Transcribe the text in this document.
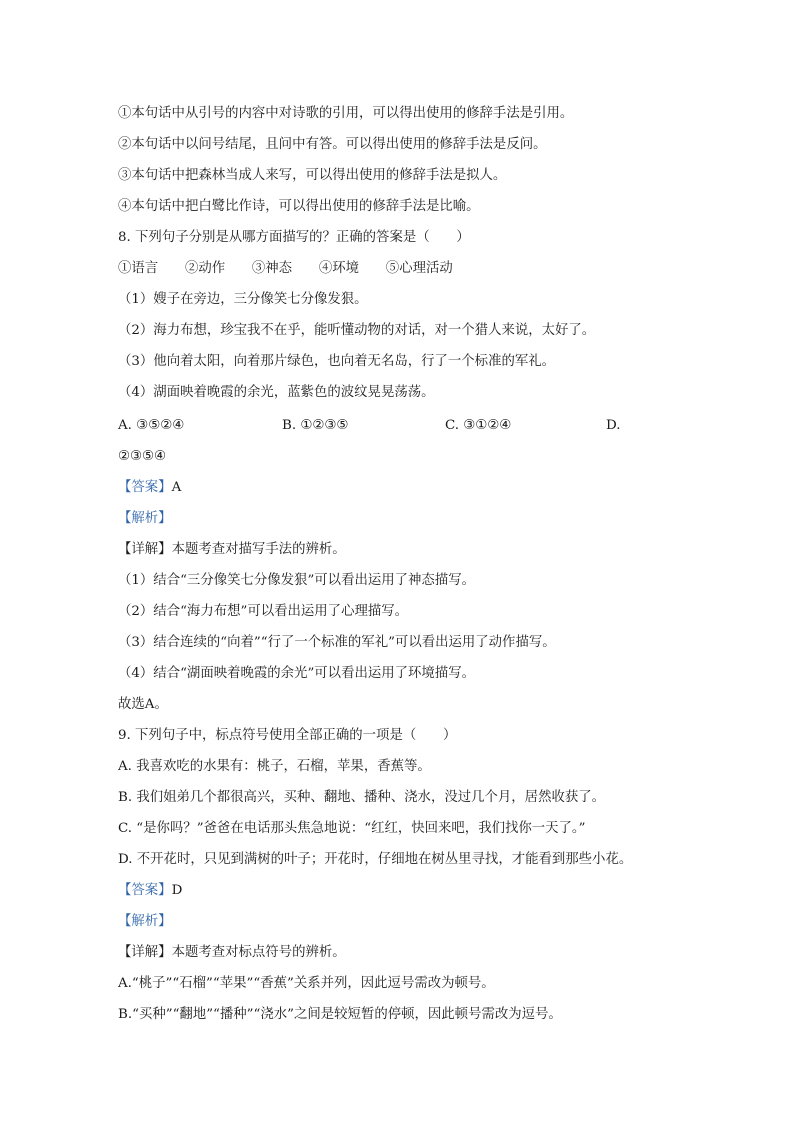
①本句话中从引号的内容中对诗歌的引用，可以得出使用的修辞手法是引用。
②本句话中以问号结尾，且问中有答。可以得出使用的修辞手法是反问。
③本句话中把森林当成人来写，可以得出使用的修辞手法是拟人。
④本句话中把白鹭比作诗，可以得出使用的修辞手法是比喻。
8. 下列句子分别是从哪方面描写的？正确的答案是（　　）
①语言　　②动作　　③神态　　④环境　　⑤心理活动
（1）嫂子在旁边，三分像笑七分像发狠。
（2）海力布想，珍宝我不在乎，能听懂动物的对话，对一个猎人来说，太好了。
（3）他向着太阳，向着那片绿色，也向着无名岛，行了一个标准的军礼。
（4）湖面映着晚霞的余光，蓝紫色的波纹晃晃荡荡。
A. ③⑤②④	B. ①②③⑤	C. ③①②④	D.
②③⑤④
【答案】A
【解析】
【详解】本题考查对描写手法的辨析。
（1）结合“三分像笑七分像发狠”可以看出运用了神态描写。
（2）结合“海力布想”可以看出运用了心理描写。
（3）结合连续的“向着”“行了一个标准的军礼”可以看出运用了动作描写。
（4）结合“湖面映着晚霞的余光”可以看出运用了环境描写。
故选A。
9. 下列句子中，标点符号使用全部正确的一项是（　　）
A. 我喜欢吃的水果有：桃子，石榴，苹果，香蕉等。
B. 我们姐弟几个都很高兴，买种、翻地、播种、浇水，没过几个月，居然收获了。
C. “是你吗？”爸爸在电话那头焦急地说：“红红，快回来吧，我们找你一天了。”
D. 不开花时，只见到满树的叶子；开花时，仔细地在树丛里寻找，才能看到那些小花。
【答案】D
【解析】
【详解】本题考查对标点符号的辨析。
A.“桃子”“石榴”“苹果”“香蕉”关系并列，因此逗号需改为顿号。
B.“买种”“翻地”“播种”“浇水”之间是较短暂的停顿，因此顿号需改为逗号。
